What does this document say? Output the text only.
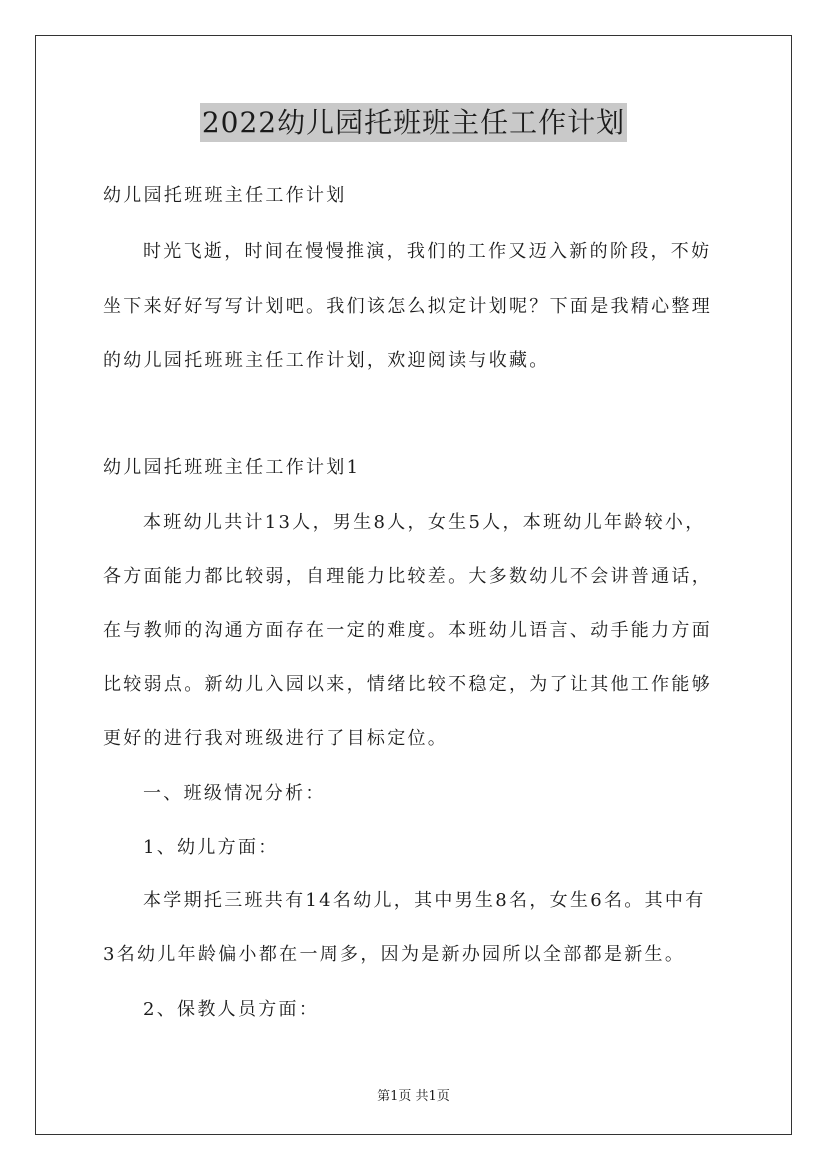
2022幼儿园托班班主任工作计划
幼儿园托班班主任工作计划
时光飞逝，时间在慢慢推演，我们的工作又迈入新的阶段，不妨
坐下来好好写写计划吧。我们该怎么拟定计划呢？下面是我精心整理
的幼儿园托班班主任工作计划，欢迎阅读与收藏。
幼儿园托班班主任工作计划1
本班幼儿共计13人，男生8人，女生5人，本班幼儿年龄较小，
各方面能力都比较弱，自理能力比较差。大多数幼儿不会讲普通话，
在与教师的沟通方面存在一定的难度。本班幼儿语言、动手能力方面
比较弱点。新幼儿入园以来，情绪比较不稳定，为了让其他工作能够
更好的进行我对班级进行了目标定位。
一、班级情况分析：
1、幼儿方面：
本学期托三班共有14名幼儿，其中男生8名，女生6名。其中有
3名幼儿年龄偏小都在一周多，因为是新办园所以全部都是新生。
2、保教人员方面：
第1页 共1页
